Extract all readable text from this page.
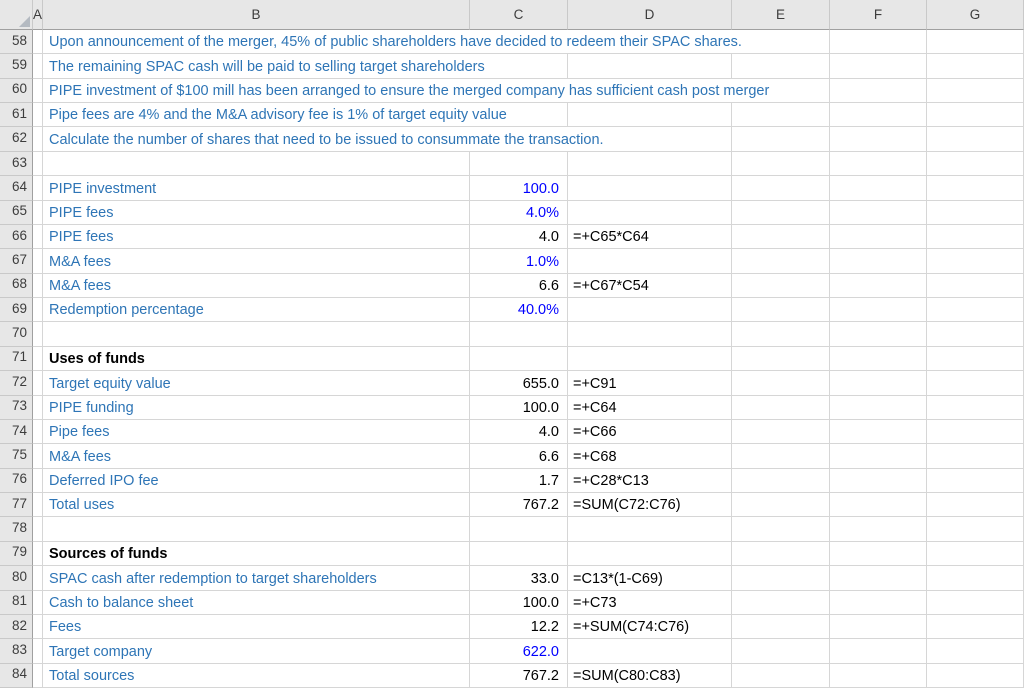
A	B	C	D	E	F	G
58	Upon announcement of the merger, 45% of public shareholders have decided to redeem their SPAC shares.
59	The remaining SPAC cash will be paid to selling target shareholders
60	PIPE investment of $100 mill has been arranged to ensure the merged company has sufficient cash post merger
61	Pipe fees are 4% and the M&A advisory fee is 1% of target equity value
62	Calculate the number of shares that need to be issued to consummate the transaction.
63
64	PIPE investment	100.0
65	PIPE fees	4.0%
66	PIPE fees	4.0 =+C65*C64
67	M&A fees	1.0%
68	M&A fees	6.6 =+C67*C54
69	Redemption percentage	40.0%
70
71	Uses of funds
72	Target equity value	655.0 =+C91
73	PIPE funding	100.0 =+C64
74	Pipe fees	4.0 =+C66
75	M&A fees	6.6 =+C68
76	Deferred IPO fee	1.7 =+C28*C13
77	Total uses	767.2 =SUM(C72:C76)
78
79	Sources of funds
80	SPAC cash after redemption to target shareholders	33.0 =C13*(1-C69)
81	Cash to balance sheet	100.0 =+C73
82	Fees	12.2 =+SUM(C74:C76)
83	Target company	622.0
84	Total sources	767.2 =SUM(C80:C83)
